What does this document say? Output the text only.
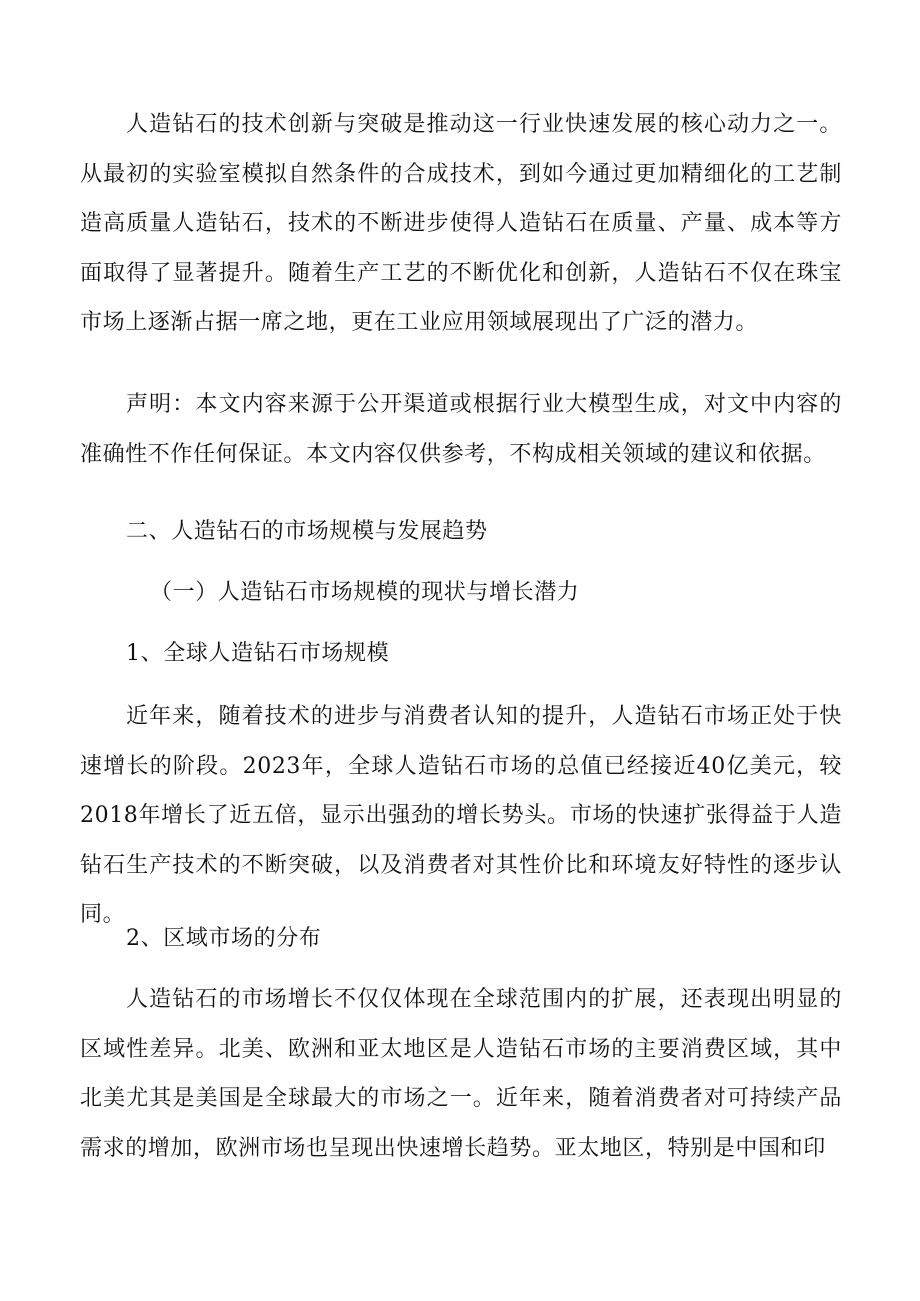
人造钻石的技术创新与突破是推动这一行业快速发展的核心动力之一。从最初的实验室模拟自然条件的合成技术，到如今通过更加精细化的工艺制造高质量人造钻石，技术的不断进步使得人造钻石在质量、产量、成本等方面取得了显著提升。随着生产工艺的不断优化和创新，人造钻石不仅在珠宝市场上逐渐占据一席之地，更在工业应用领域展现出了广泛的潜力。

声明：本文内容来源于公开渠道或根据行业大模型生成，对文中内容的准确性不作任何保证。本文内容仅供参考，不构成相关领域的建议和依据。

二、人造钻石的市场规模与发展趋势
（一）人造钻石市场规模的现状与增长潜力
1、全球人造钻石市场规模

近年来，随着技术的进步与消费者认知的提升，人造钻石市场正处于快速增长的阶段。2023年，全球人造钻石市场的总值已经接近40亿美元，较2018年增长了近五倍，显示出强劲的增长势头。市场的快速扩张得益于人造钻石生产技术的不断突破，以及消费者对其性价比和环境友好特性的逐步认同。

2、区域市场的分布

人造钻石的市场增长不仅仅体现在全球范围内的扩展，还表现出明显的区域性差异。北美、欧洲和亚太地区是人造钻石市场的主要消费区域，其中北美尤其是美国是全球最大的市场之一。近年来，随着消费者对可持续产品需求的增加，欧洲市场也呈现出快速增长趋势。亚太地区，特别是中国和印
